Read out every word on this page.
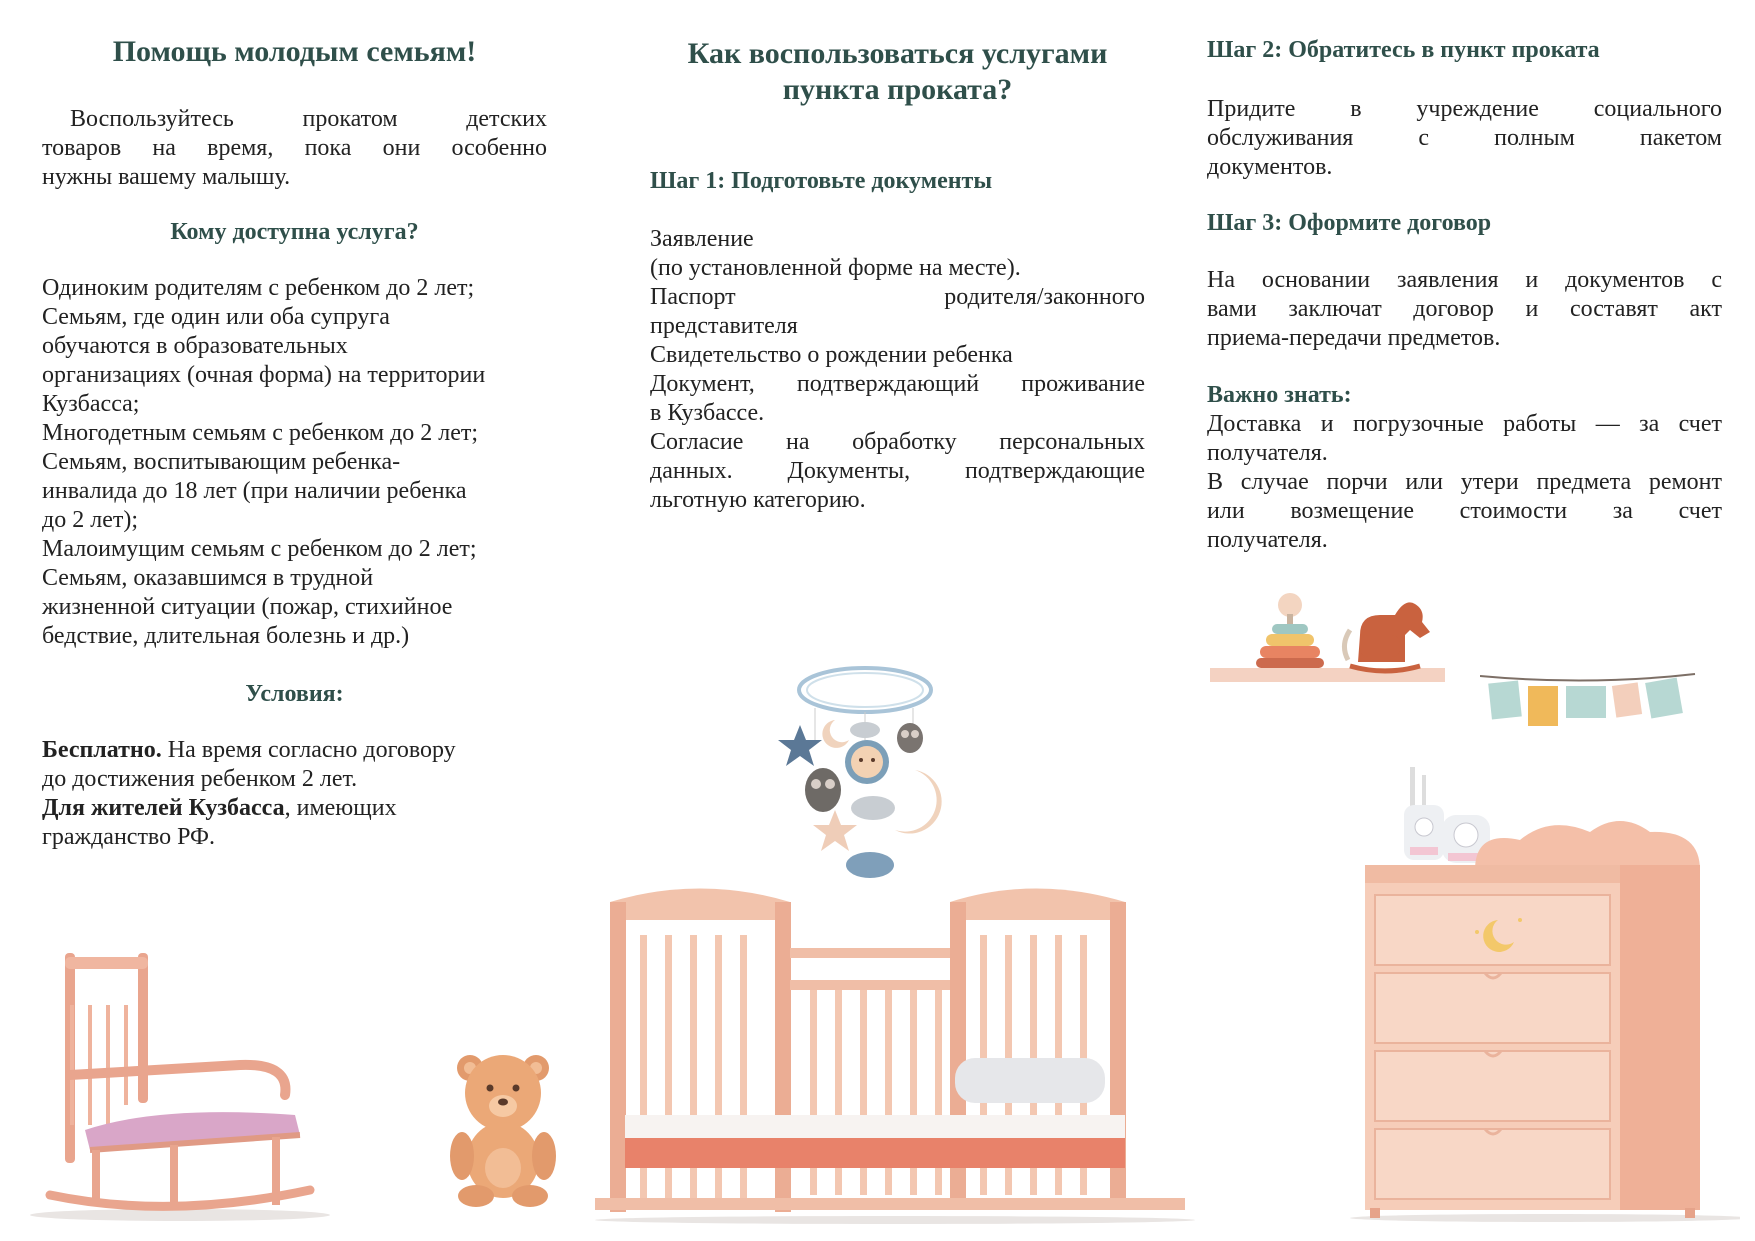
Помощь молодым семьям!
Воспользуйтесь прокатом детских
товаров на время, пока они особенно
нужны вашему малышу.
Кому доступна услуга?
Одиноким родителям с ребенком до 2 лет;
Семьям, где один или оба супруга
обучаются в образовательных
организациях (очная форма) на территории
Кузбасса;
Многодетным семьям с ребенком до 2 лет;
Семьям, воспитывающим ребенка-
инвалида до 18 лет (при наличии ребенка
до 2 лет);
Малоимущим семьям с ребенком до 2 лет;
Семьям, оказавшимся в трудной
жизненной ситуации (пожар, стихийное
бедствие, длительная болезнь и др.)
Условия:
Бесплатно. На время согласно договору
до достижения ребенком 2 лет.
Для жителей Кузбасса, имеющих
гражданство РФ.
Как воспользоваться услугами
пункта проката?
Шаг 1: Подготовьте документы
Заявление
(по установленной форме на месте).
Паспорт родителя/законного
представителя
Свидетельство о рождении ребенка
Документ, подтверждающий проживание
в Кузбассе.
Согласие на обработку персональных
данных. Документы, подтверждающие
льготную категорию.
Шаг 2: Обратитесь в пункт проката
Придите в учреждение социального
обслуживания с полным пакетом
документов.
Шаг 3: Оформите договор
На основании заявления и документов с
вами заключат договор и составят акт
приема-передачи предметов.
Важно знать:
Доставка и погрузочные работы — за счет
получателя.
В случае порчи или утери предмета ремонт
или возмещение стоимости за счет
получателя.
